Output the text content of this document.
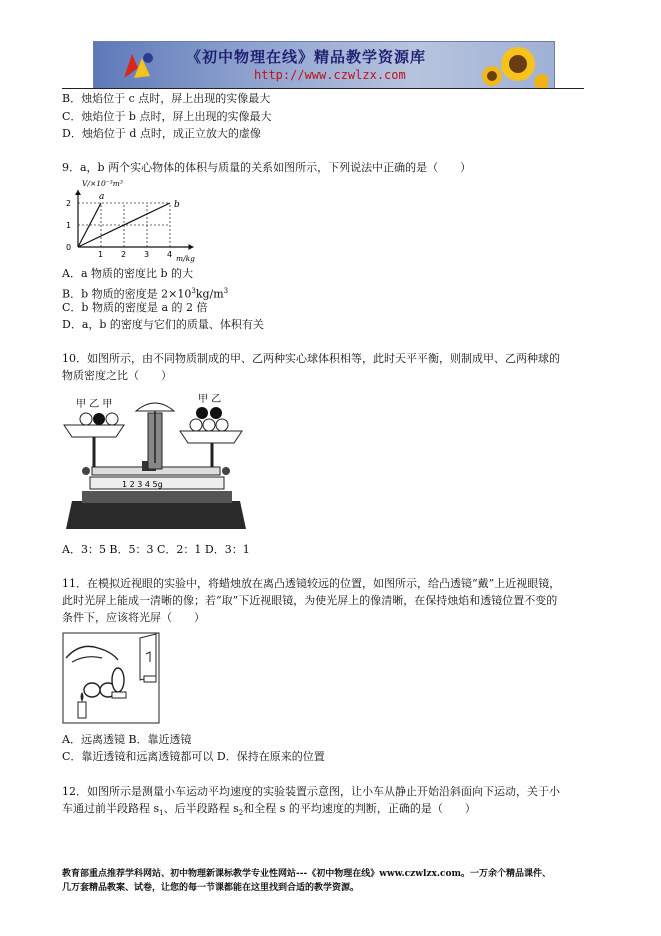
《初中物理在线》精品教学资源库
http://www.czwlzx.com
B．烛焰位于 c 点时，屏上出现的实像最大
C．烛焰位于 b 点时，屏上出现的实像最大
D．烛焰位于 d 点时，成正立放大的虚像
9．a，b 两个实心物体的体积与质量的关系如图所示，下列说法中正确的是（　　）
a
b
1 2 3 4
0
1
2
V/×10⁻³m³
m/kg
A．a 物质的密度比 b 的大
B．b 物质的密度是 $2\times 10^3kg/m^3$
C．b 物质的密度是 a 的 2 倍
D．a，b 的密度与它们的质量、体积有关
10．如图所示，由不同物质制成的甲、乙两种实心球体积相等，此时天平平衡，则制成甲、乙两种球的
物质密度之比（　　）
1 2 3 4 5g
甲 乙 甲	甲 乙
A．3：5 B．5：3 C．2：1 D．3：1
11．在模拟近视眼的实验中，将蜡烛放在离凸透镜较远的位置，如图所示，给凸透镜“戴”上近视眼镜，
此时光屏上能成一清晰的像；若“取”下近视眼镜，为使光屏上的像清晰，在保持烛焰和透镜位置不变的
条件下，应该将光屏（　　）
A．远离透镜 B．靠近透镜
C．靠近透镜和远离透镜都可以 D．保持在原来的位置
12．如图所示是测量小车运动平均速度的实验装置示意图，让小车从静止开始沿斜面向下运动，关于小
车通过前半段路程 $s_1$、后半段路程 $s_2$和全程 s 的平均速度的判断，正确的是（　　）
教育部重点推荐学科网站、初中物理新课标教学专业性网站---《初中物理在线》www.czwlzx.com。一万余个精品课件、
几万套精品教案、试卷，让您的每一节课都能在这里找到合适的教学资源。
